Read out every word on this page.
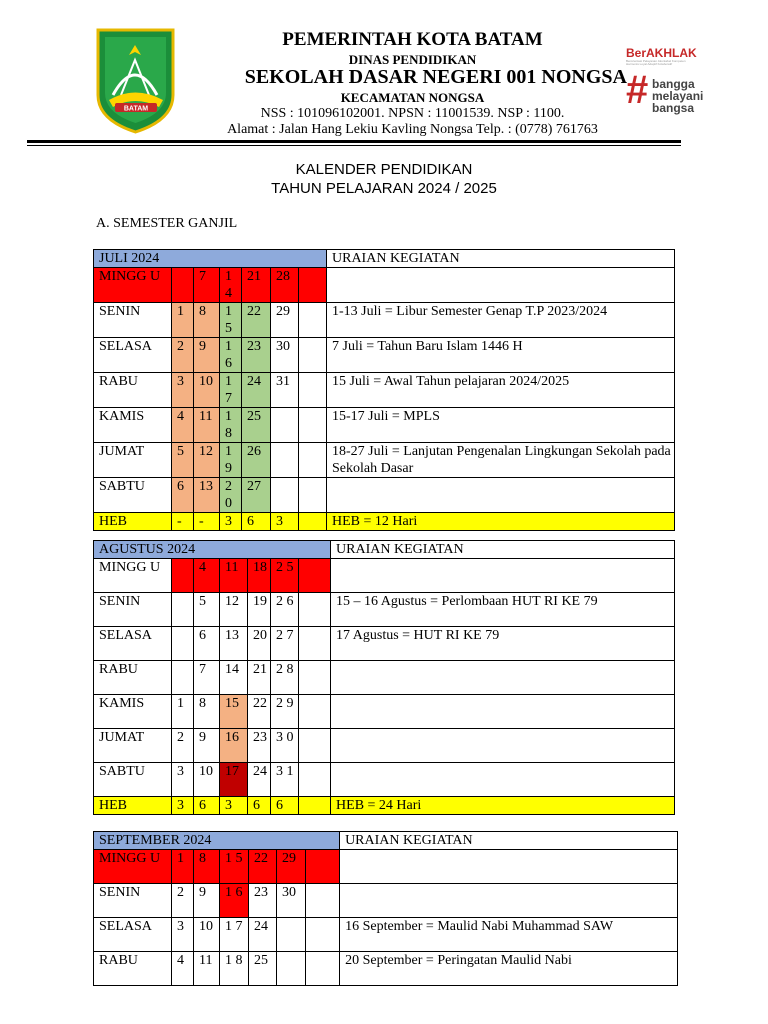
BATAM
PEMERINTAH KOTA BATAM
DINAS PENDIDIKAN
SEKOLAH DASAR NEGERI 001 NONGSA
KECAMATAN NONGSA
NSS : 101096102001. NPSN : 11001539. NSP : 1100.
Alamat : Jalan Hang Lekiu Kavling Nongsa Telp. : (0778) 761763
BerAKHLAK
Berorientasi Pelayanan Akuntabel Kompeten Harmonis Loyal Adaptif Kolaboratif
# bangga
melayani
bangsa
KALENDER PENDIDIKAN
TAHUN PELAJARAN 2024 / 2025
A. SEMESTER GANJIL
JULI 2024							URAIAN KEGIATAN
MINGG U		7	1 4	21	28		
SENIN	1	8	1 5	22	29		1-13 Juli = Libur Semester Genap T.P 2023/2024
SELASA	2	9	1 6	23	30		7 Juli = Tahun Baru Islam 1446 H
RABU	3	10	1 7	24	31		15 Juli = Awal Tahun pelajaran 2024/2025
KAMIS	4	11	1 8	25			15-17 Juli = MPLS
JUMAT	5	12	1 9	26			18-27 Juli = Lanjutan Pengenalan Lingkungan Sekolah pada Sekolah Dasar
SABTU	6	13	2 0	27			
HEB	-	-	3	6	3		HEB = 12 Hari
AGUSTUS 2024							URAIAN KEGIATAN
MINGG U		4	11	18	2 5		
SENIN		5	12	19	2 6		15 – 16 Agustus = Perlombaan HUT RI KE 79
SELASA		6	13	20	2 7		17 Agustus = HUT RI KE 79
RABU		7	14	21	2 8		
KAMIS	1	8	15	22	2 9		
JUMAT	2	9	16	23	3 0		
SABTU	3	10	17	24	3 1		
HEB	3	6	3	6	6		HEB = 24 Hari
SEPTEMBER 2024							URAIAN KEGIATAN
MINGG U	1	8	1 5	22	29		
SENIN	2	9	1 6	23	30		
SELASA	3	10	1 7	24			16 September = Maulid Nabi Muhammad SAW
RABU	4	11	1 8	25			20 September = Peringatan Maulid Nabi
